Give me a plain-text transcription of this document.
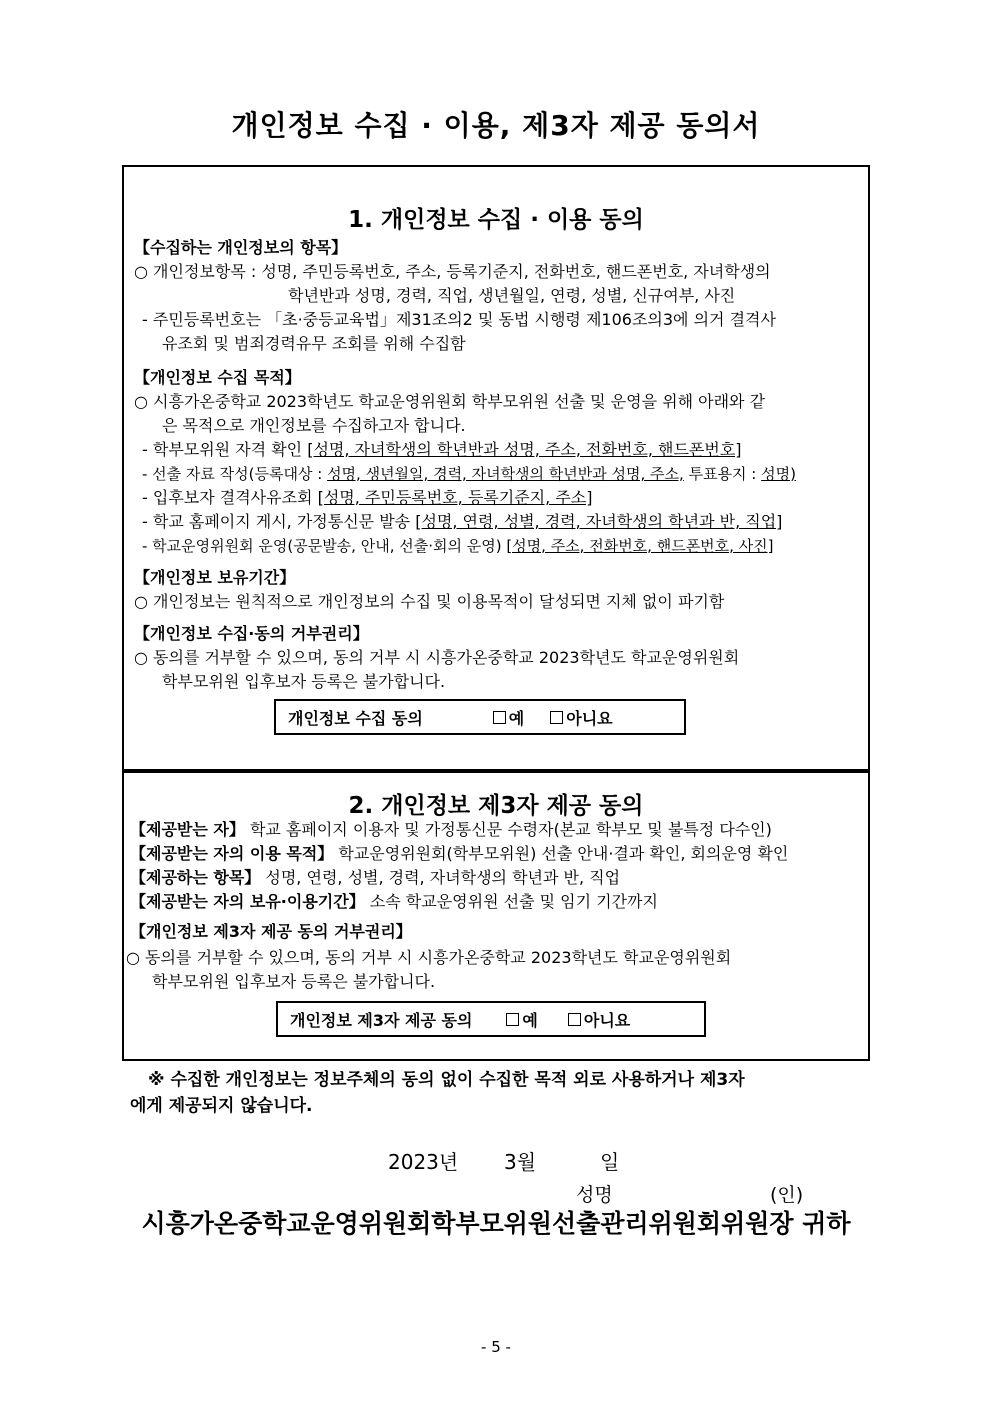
개인정보 수집 · 이용, 제3자 제공 동의서
1. 개인정보 수집 · 이용 동의
【수집하는 개인정보의 항목】
○ 개인정보항목 : 성명, 주민등록번호, 주소, 등록기준지, 전화번호, 핸드폰번호, 자녀학생의
학년반과 성명, 경력, 직업, 생년월일, 연령, 성별, 신규여부, 사진
- 주민등록번호는 「초·중등교육법」제31조의2 및 동법 시행령 제106조의3에 의거 결격사
유조회 및 범죄경력유무 조회를 위해 수집함
【개인정보 수집 목적】
○ 시흥가온중학교 2023학년도 학교운영위원회 학부모위원 선출 및 운영을 위해 아래와 같
은 목적으로 개인정보를 수집하고자 합니다.
- 학부모위원 자격 확인 [성명, 자녀학생의 학년반과 성명, 주소, 전화번호, 핸드폰번호]
- 선출 자료 작성(등록대상 : 성명, 생년월일, 경력, 자녀학생의 학년반과 성명, 주소, 투표용지 : 성명)
- 입후보자 결격사유조회 [성명, 주민등록번호, 등록기준지, 주소]
- 학교 홈페이지 게시, 가정통신문 발송 [성명, 연령, 성별, 경력, 자녀학생의 학년과 반, 직업]
- 학교운영위원회 운영(공문발송, 안내, 선출·회의 운영) [성명, 주소, 전화번호, 핸드폰번호, 사진]
【개인정보 보유기간】
○ 개인정보는 원칙적으로 개인정보의 수집 및 이용목적이 달성되면 지체 없이 파기함
【개인정보 수집·동의 거부권리】
○ 동의를 거부할 수 있으며, 동의 거부 시 시흥가온중학교 2023학년도 학교운영위원회
학부모위원 입후보자 등록은 불가합니다.
개인정보 수집 동의	예	아니요
2. 개인정보 제3자 제공 동의
【제공받는 자】 학교 홈페이지 이용자 및 가정통신문 수령자(본교 학부모 및 불특정 다수인)
【제공받는 자의 이용 목적】 학교운영위원회(학부모위원) 선출 안내·결과 확인, 회의운영 확인
【제공하는 항목】 성명, 연령, 성별, 경력, 자녀학생의 학년과 반, 직업
【제공받는 자의 보유·이용기간】 소속 학교운영위원 선출 및 임기 기간까지
【개인정보 제3자 제공 동의 거부권리】
○ 동의를 거부할 수 있으며, 동의 거부 시 시흥가온중학교 2023학년도 학교운영위원회
학부모위원 입후보자 등록은 불가합니다.
개인정보 제3자 제공 동의	예	아니요
※ 수집한 개인정보는 정보주체의 동의 없이 수집한 목적 외로 사용하거나 제3자
에게 제공되지 않습니다.
2023년 3월	일
성명	(인)
시흥가온중학교운영위원회학부모위원선출관리위원회위원장 귀하
- 5 -
